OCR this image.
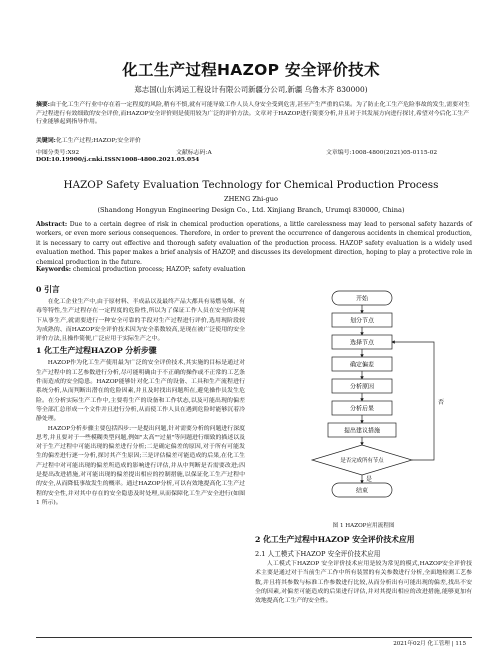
化工生产过程HAZOP 安全评价技术
郑志国(山东鸿运工程设计有限公司新疆分公司,新疆 乌鲁木齐 830000)
摘要:由于化工生产行业中存在着一定程度的风险,稍有不慎,就有可能导致工作人员人身安全受到危害,甚至产生严重的后果。为了防止化工生产危险事故的发生,需要对生产过程进行有效细致的安全评价,而HAZOP安全评价则是使用较为广泛的评价方法。文章对于HAZOP进行简要分析,并且对于其发展方向进行探讨,希望对今后化工生产行业能够起到指导作用。
关键词:化工生产过程;HAZOP;安全评价
中图分类号:X92	文献标志码:A	文章编号:1008-4800(2021)05-0115-02
DOI:10.19900/j.cnki.ISSN1008-4800.2021.05.054
HAZOP Safety Evaluation Technology for Chemical Production Process
ZHENG Zhi-guo
(Shandong Hongyun Engineering Design Co., Ltd. Xinjiang Branch, Urumqi 830000, China)
Abstract: Due to a certain degree of risk in chemical production operations, a little carelessness may lead to personal safety hazards of workers, or even more serious consequences. Therefore, in order to prevent the occurrence of dangerous accidents in chemical production, it is necessary to carry out effective and thorough safety evaluation of the production process. HAZOP safety evaluation is a widely used evaluation method. This paper makes a brief analysis of HAZOP, and discusses its development direction, hoping to play a protective role in chemical production in the future.
Keywords: chemical production process; HAZOP; safety evaluation
0 引言
在化工企业生产中,由于原材料、半成品以及最终产品大都具有易燃易爆、有毒等特性,生产过程存在一定程度的危险性,所以为了保证工作人员在安全的环境下从事生产,就需要进行一种安全可靠的手段对生产过程进行评价,选用现阶段较为成熟的、而HAZOP安全评价技术因为安全系数较高,是现在被广泛使用的安全评价方法,且操作简便,广泛应用于实际生产之中。
1 化工生产过程HAZOP 分析步骤
HAZOP作为化工生产使用最为广泛的安全评价技术,其实施的目标是通过对生产过程中的工艺参数进行分析,尽可能明确由于不正确的操作或不正常的工艺条件而造成的安全隐患。HAZOP能够针对化工生产的设备、工具和生产流程进行系统分析,从而判断出潜在的危险因素,并且及时找出问题所在,避免操作员发生危险。在分析实际生产工作中,主要将生产的设备和工作状态,以及可能出现的偏差等全部汇总形成一个文件并且进行分析,从而使工作人员在遇到危险时能够沉着冷静处理。
HAZOP分析步骤主要包括四步:一是提出问题,针对需要分析的问题进行深度思考,并且要对于一些模糊类型问题,例如"太高""过量"等问题进行细致的描述以及对于生产过程中可能出现的偏差进行分析;二是确定偏差的原因,对于所有可能发生的偏差进行逐一分析,探讨其产生原因;三是评估偏差可能造成的后果,在化工生产过程中对可能出现的偏差所造成的影响进行评估,并从中判断是否需要改进;四是提出改进措施,对可能出现的偏差提出相应的控制措施,以保证化工生产过程中的安全,从而降低事故发生的概率。通过HAZOP分析,可以有效地提高化工生产过程的安全性,并对其中存在的安全隐患及时处理,从而保障化工生产安全进行(如图 1 所示)。
开始
划分节点
选择节点
确定偏差
分析原因
分析后果
提出建议措施
是否完成所有节点
否
是
结束
图 1 HAZOP应用流程图
2 化工生产过程中HAZOP 安全评价技术应用
2.1 人工模式下HAZOP 安全评价技术应用
人工模式下HAZOP 安全评价技术应用是较为常见的模式,HAZOP安全评价技术主要是通过对于当前生产工作中所有装置的有关参数进行分析,全面地检测工艺参数,并且将其参数与标准工作参数进行比较,从而分析出有可能出现的偏差,找出不安全的因素,对偏差可能造成的后果进行评估,并对其提出相应的改进措施,能够更加有效地提高化工生产的安全性。
2021年02月 化工管理 | 115
